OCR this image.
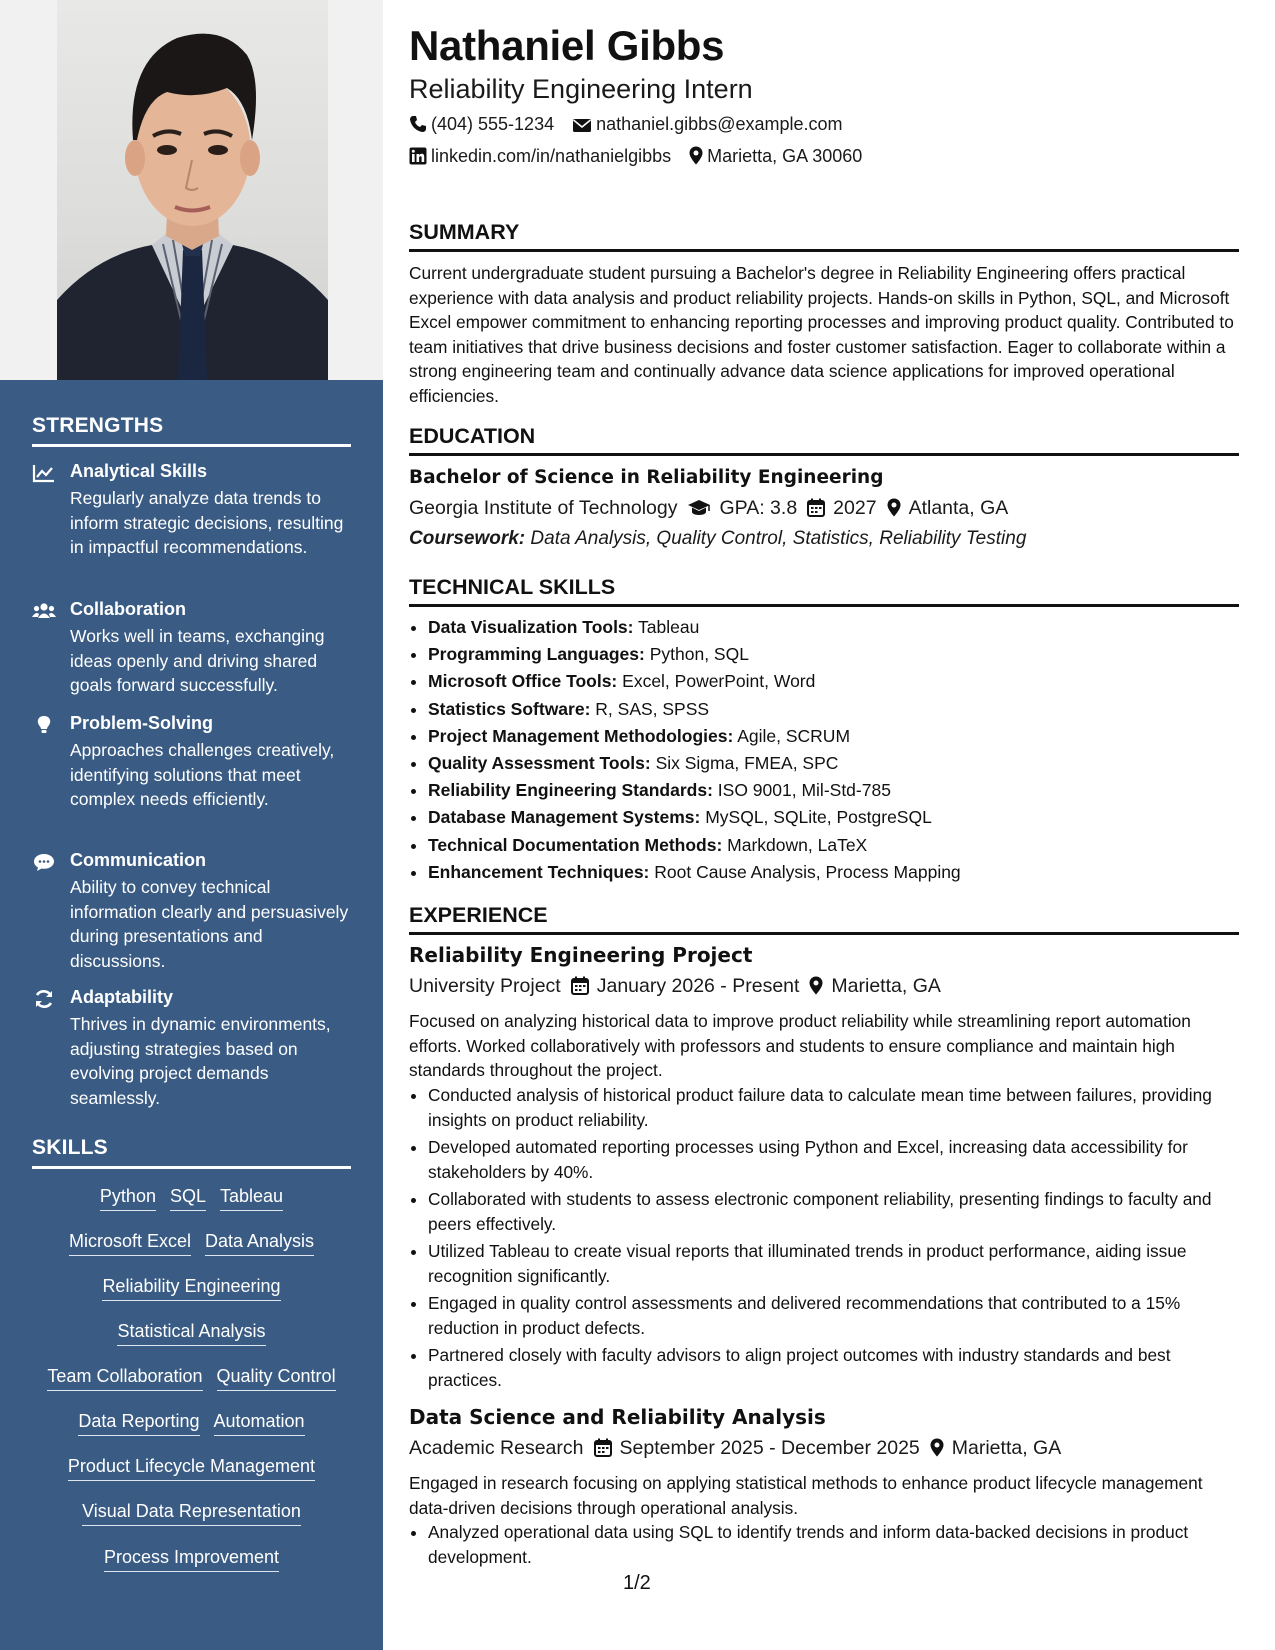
STRENGTHS
Analytical Skills
Regularly analyze data trends to inform strategic decisions, resulting in impactful recommendations.
Collaboration
Works well in teams, exchanging ideas openly and driving shared goals forward successfully.
Problem-Solving
Approaches challenges creatively, identifying solutions that meet complex needs efficiently.
Communication
Ability to convey technical information clearly and persuasively during presentations and discussions.
Adaptability
Thrives in dynamic environments, adjusting strategies based on evolving project demands seamlessly.
SKILLS
Python SQL Tableau
Microsoft Excel Data Analysis
Reliability Engineering
Statistical Analysis
Team Collaboration Quality Control
Data Reporting Automation
Product Lifecycle Management
Visual Data Representation
Process Improvement
Nathaniel Gibbs
Reliability Engineering Intern
(404) 555-1234 nathaniel.gibbs@example.com
linkedin.com/in/nathanielgibbs Marietta, GA 30060
SUMMARY
Current undergraduate student pursuing a Bachelor's degree in Reliability Engineering offers practical experience with data analysis and product reliability projects. Hands-on skills in Python, SQL, and Microsoft Excel empower commitment to enhancing reporting processes and improving product quality. Contributed to team initiatives that drive business decisions and foster customer satisfaction. Eager to collaborate within a strong engineering team and continually advance data science applications for improved operational efficiencies.
EDUCATION
Bachelor of Science in Reliability Engineering
Georgia Institute of Technology GPA: 3.8 2027 Atlanta, GA
Coursework: Data Analysis, Quality Control, Statistics, Reliability Testing
TECHNICAL SKILLS
• Data Visualization Tools: Tableau
• Programming Languages: Python, SQL
• Microsoft Office Tools: Excel, PowerPoint, Word
• Statistics Software: R, SAS, SPSS
• Project Management Methodologies: Agile, SCRUM
• Quality Assessment Tools: Six Sigma, FMEA, SPC
• Reliability Engineering Standards: ISO 9001, Mil-Std-785
• Database Management Systems: MySQL, SQLite, PostgreSQL
• Technical Documentation Methods: Markdown, LaTeX
• Enhancement Techniques: Root Cause Analysis, Process Mapping
EXPERIENCE
Reliability Engineering Project
University Project January 2026 - Present Marietta, GA
Focused on analyzing historical data to improve product reliability while streamlining report automation efforts. Worked collaboratively with professors and students to ensure compliance and maintain high standards throughout the project.
• Conducted analysis of historical product failure data to calculate mean time between failures, providing insights on product reliability.
• Developed automated reporting processes using Python and Excel, increasing data accessibility for stakeholders by 40%.
• Collaborated with students to assess electronic component reliability, presenting findings to faculty and peers effectively.
• Utilized Tableau to create visual reports that illuminated trends in product performance, aiding issue recognition significantly.
• Engaged in quality control assessments and delivered recommendations that contributed to a 15% reduction in product defects.
• Partnered closely with faculty advisors to align project outcomes with industry standards and best practices.
Data Science and Reliability Analysis
Academic Research September 2025 - December 2025 Marietta, GA
Engaged in research focusing on applying statistical methods to enhance product lifecycle management data-driven decisions through operational analysis.
• Analyzed operational data using SQL to identify trends and inform data-backed decisions in product development.
1/2
